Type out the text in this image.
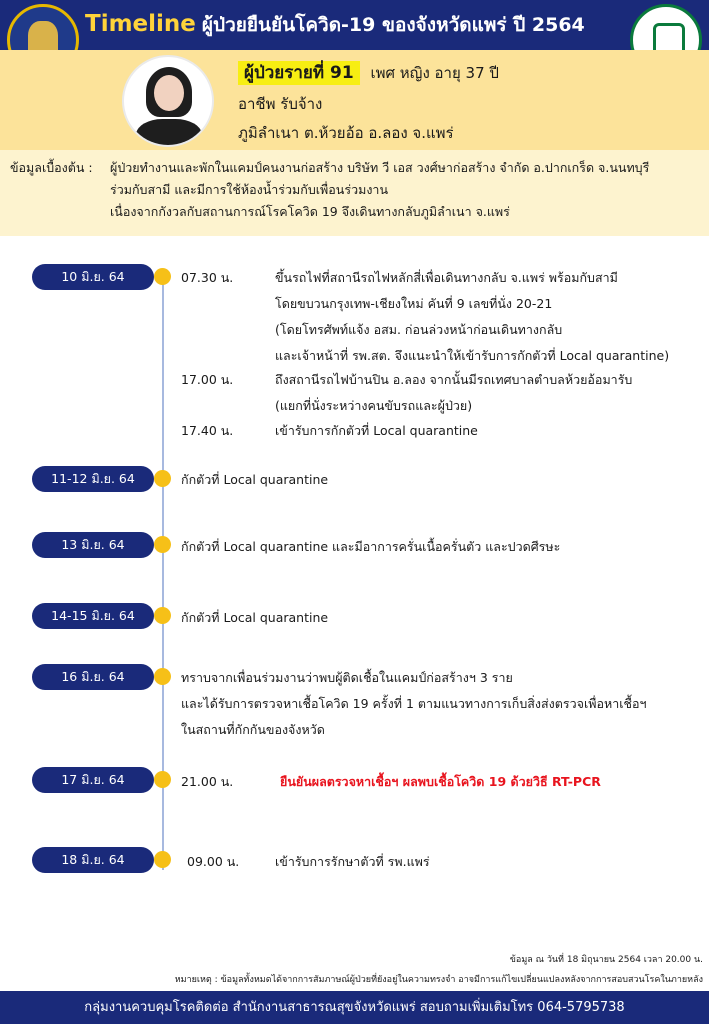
Timeline ผู้ป่วยยืนยันโควิด-19 ของจังหวัดแพร่ ปี 2564
ผู้ป่วยรายที่ 91 เพศ หญิง อายุ 37 ปี
อาชีพ รับจ้าง
ภูมิลำเนา ต.ห้วยอ้อ อ.ลอง จ.แพร่
ข้อมูลเบื้องต้น : ผู้ป่วยทำงานและพักในแคมป์คนงานก่อสร้าง บริษัท วี เอส วงศ์ษาก่อสร้าง จำกัด อ.ปากเกร็ด จ.นนทบุรี
ร่วมกับสามี และมีการใช้ห้องน้ำร่วมกับเพื่อนร่วมงาน
เนื่องจากกังวลกับสถานการณ์โรคโควิด 19 จึงเดินทางกลับภูมิลำเนา จ.แพร่
10 มิ.ย. 64	07.30 น.	ขึ้นรถไฟที่สถานีรถไฟหลักสี่เพื่อเดินทางกลับ จ.แพร่ พร้อมกับสามี
โดยขบวนกรุงเทพ-เชียงใหม่ คันที่ 9 เลขที่นั่ง 20-21
(โดยโทรศัพท์แจ้ง อสม. ก่อนล่วงหน้าก่อนเดินทางกลับ
และเจ้าหน้าที่ รพ.สต. จึงแนะนำให้เข้ารับการกักตัวที่ Local quarantine)
17.00 น.	ถึงสถานีรถไฟบ้านปิน อ.ลอง จากนั้นมีรถเทศบาลตำบลห้วยอ้อมารับ
(แยกที่นั่งระหว่างคนขับรถและผู้ป่วย)
17.40 น.	เข้ารับการกักตัวที่ Local quarantine
11-12 มิ.ย. 64	กักตัวที่ Local quarantine
13 มิ.ย. 64	กักตัวที่ Local quarantine และมีอาการครั่นเนื้อครั่นตัว และปวดศีรษะ
14-15 มิ.ย. 64	กักตัวที่ Local quarantine
16 มิ.ย. 64	ทราบจากเพื่อนร่วมงานว่าพบผู้ติดเชื้อในแคมป์ก่อสร้างฯ 3 ราย
และได้รับการตรวจหาเชื้อโควิด 19 ครั้งที่ 1 ตามแนวทางการเก็บสิ่งส่งตรวจเพื่อหาเชื้อฯ
ในสถานที่กักกันของจังหวัด
17 มิ.ย. 64	21.00 น.	ยืนยันผลตรวจหาเชื้อฯ ผลพบเชื้อโควิด 19 ด้วยวิธี RT-PCR
18 มิ.ย. 64	09.00 น.	เข้ารับการรักษาตัวที่ รพ.แพร่
ข้อมูล ณ วันที่ 18 มิถุนายน 2564 เวลา 20.00 น.
หมายเหตุ : ข้อมูลทั้งหมดได้จากการสัมภาษณ์ผู้ป่วยที่ยังอยู่ในความทรงจำ อาจมีการแก้ไขเปลี่ยนแปลงหลังจากการสอบสวนโรคในภายหลัง
กลุ่มงานควบคุมโรคติดต่อ สำนักงานสาธารณสุขจังหวัดแพร่ สอบถามเพิ่มเติมโทร 064-5795738
